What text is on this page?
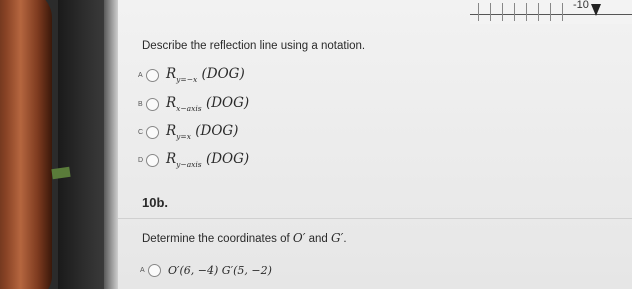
-10
Describe the reflection line using a notation.
A $R_{y=-x}$ (DOG)
B $R_{x-axis}$ (DOG)
C $R_{y=x}$ (DOG)
D $R_{y-axis}$ (DOG)
10b.
Determine the coordinates of O′ and G′.
A	O′(6, −4) G′(5, −2)
